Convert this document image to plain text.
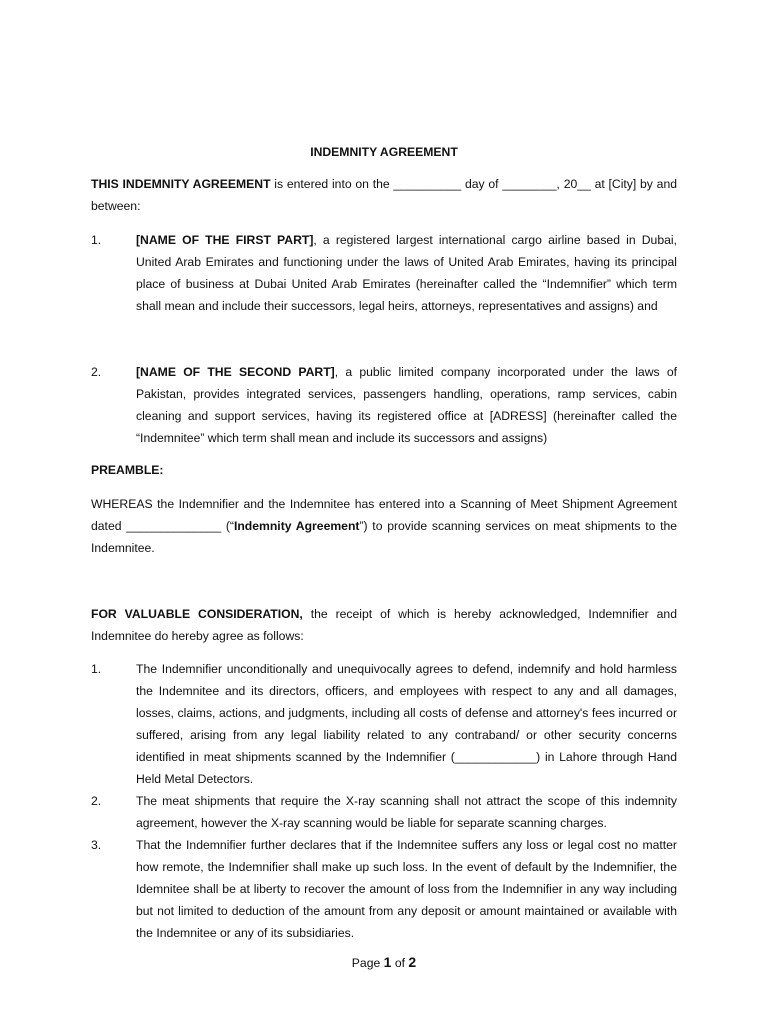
INDEMNITY AGREEMENT

THIS INDEMNITY AGREEMENT is entered into on the __________ day of ________, 20__ at [City] by and between:

1.	[NAME OF THE FIRST PART], a registered largest international cargo airline based in Dubai, United Arab Emirates and functioning under the laws of United Arab Emirates, having its principal place of business at Dubai United Arab Emirates (hereinafter called the “Indemnifier” which term shall mean and include their successors, legal heirs, attorneys, representatives and assigns) and

2.	[NAME OF THE SECOND PART], a public limited company incorporated under the laws of Pakistan, provides integrated services, passengers handling, operations, ramp services, cabin cleaning and support services, having its registered office at [ADRESS] (hereinafter called the “Indemnitee” which term shall mean and include its successors and assigns)

PREAMBLE:

WHEREAS the Indemnifier and the Indemnitee has entered into a Scanning of Meet Shipment Agreement dated ______________ (“Indemnity Agreement”) to provide scanning services on meat shipments to the Indemnitee.

FOR VALUABLE CONSIDERATION, the receipt of which is hereby acknowledged, Indemnifier and Indemnitee do hereby agree as follows:

1.	The Indemnifier unconditionally and unequivocally agrees to defend, indemnify and hold harmless the Indemnitee and its directors, officers, and employees with respect to any and all damages, losses, claims, actions, and judgments, including all costs of defense and attorney's fees incurred or suffered, arising from any legal liability related to any contraband/ or other security concerns identified in meat shipments scanned by the Indemnifier (____________) in Lahore through Hand Held Metal Detectors.

2.	The meat shipments that require the X-ray scanning shall not attract the scope of this indemnity agreement, however the X-ray scanning would be liable for separate scanning charges.

3.	That the Indemnifier further declares that if the Indemnitee suffers any loss or legal cost no matter how remote, the Indemnifier shall make up such loss. In the event of default by the Indemnifier, the Idemnitee shall be at liberty to recover the amount of loss from the Indemnifier in any way including but not limited to deduction of the amount from any deposit or amount maintained or available with the Indemnitee or any of its subsidiaries.

Page 1 of 2
